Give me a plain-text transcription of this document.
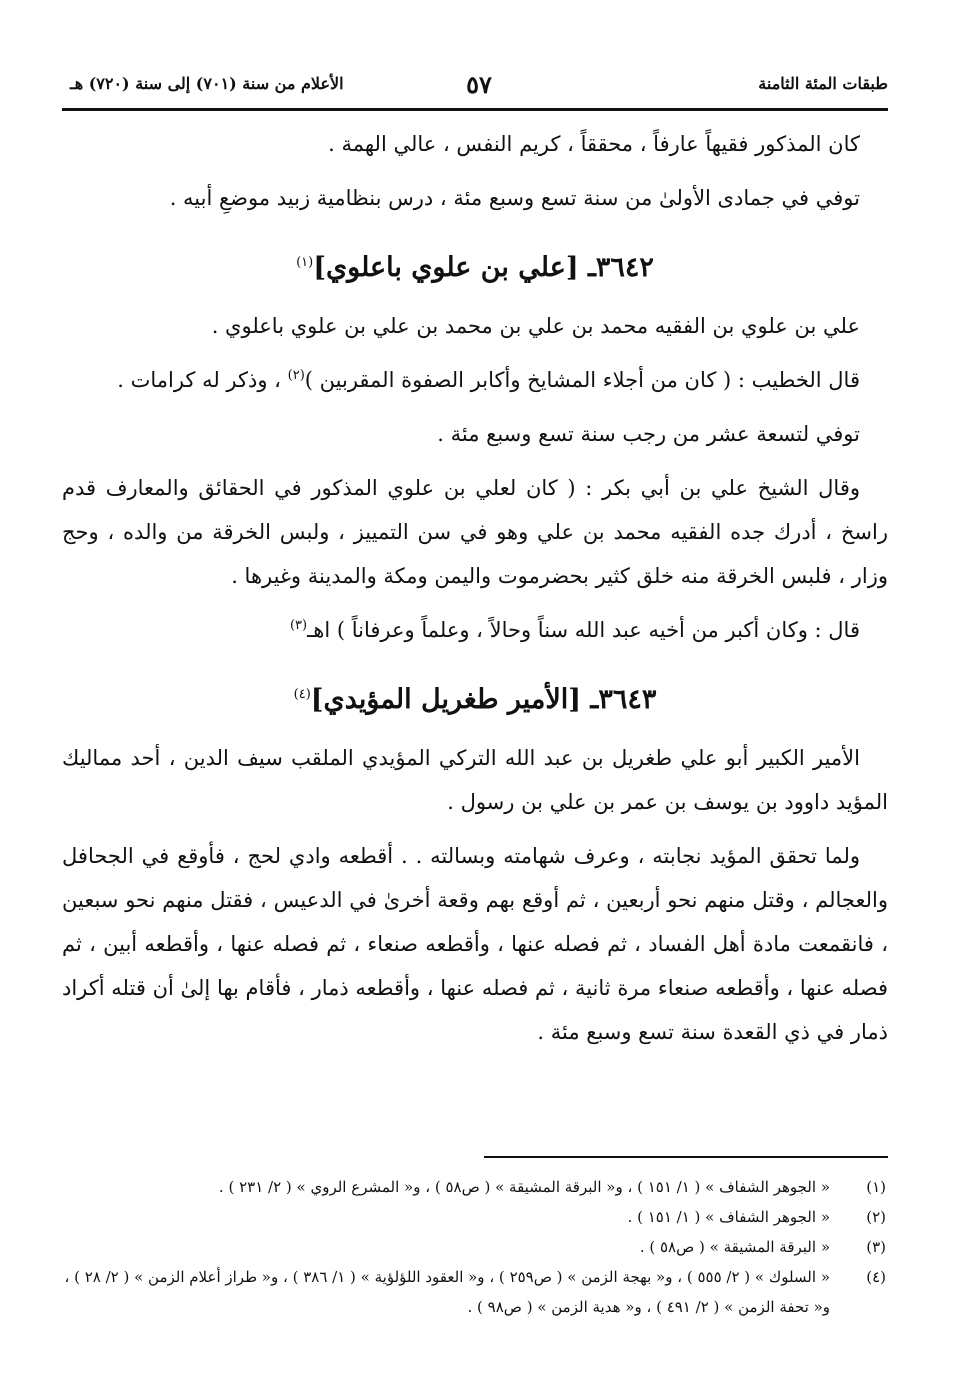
طبقات المئة الثامنة
٥٧
الأعلام من سنة (٧٠١) إلى سنة (٧٢٠) هـ

كان المذكور فقيهاً عارفاً ، محققاً ، كريم النفس ، عالي الهمة .

توفي في جمادى الأولىٰ من سنة تسع وسبع مئة ، درس بنظامية زبيد موضعِ أبيه .

٣٦٤٢ـ [علي بن علوي باعلوي]$^{(١)}$

علي بن علوي بن الفقيه محمد بن علي بن محمد بن علي بن علوي باعلوي .

قال الخطيب : ( كان من أجلاء المشايخ وأكابر الصفوة المقربين )$^{(٢)}$ ، وذكر له كرامات .

توفي لتسعة عشر من رجب سنة تسع وسبع مئة .

وقال الشيخ علي بن أبي بكر : ( كان لعلي بن علوي المذكور في الحقائق والمعارف قدم راسخ ، أدرك جده الفقيه محمد بن علي وهو في سن التمييز ، ولبس الخرقة من والده ، وحج وزار ، فلبس الخرقة منه خلق كثير بحضرموت واليمن ومكة والمدينة وغيرها .

قال : وكان أكبر من أخيه عبد الله سناً وحالاً ، وعلماً وعرفاناً ) اهـ$^{(٣)}$

٣٦٤٣ـ [الأمير طغريل المؤيدي]$^{(٤)}$

الأمير الكبير أبو علي طغريل بن عبد الله التركي المؤيدي الملقب سيف الدين ، أحد مماليك المؤيد داوود بن يوسف بن عمر بن علي بن رسول .

ولما تحقق المؤيد نجابته ، وعرف شهامته وبسالته . . أقطعه وادي لحج ، فأوقع في الجحافل والعجالم ، وقتل منهم نحو أربعين ، ثم أوقع بهم وقعة أخرىٰ في الدعيس ، فقتل منهم نحو سبعين ، فانقمعت مادة أهل الفساد ، ثم فصله عنها ، وأقطعه صنعاء ، ثم فصله عنها ، وأقطعه أبين ، ثم فصله عنها ، وأقطعه صنعاء مرة ثانية ، ثم فصله عنها ، وأقطعه ذمار ، فأقام بها إلىٰ أن قتله أكراد ذمار في ذي القعدة سنة تسع وسبع مئة .

(١)
« الجوهر الشفاف » ( ١/ ١٥١ ) ، و« البرقة المشيقة » ( ص٥٨ ) ، و« المشرع الروي » ( ٢/ ٢٣١ ) .
(٢)
« الجوهر الشفاف » ( ١/ ١٥١ ) .
(٣)
« البرقة المشيقة » ( ص٥٨ ) .
(٤)
« السلوك » ( ٢/ ٥٥٥ ) ، و« بهجة الزمن » ( ص٢٥٩ ) ، و« العقود اللؤلؤية » ( ١/ ٣٨٦ ) ، و« طراز أعلام الزمن » ( ٢/ ٢٨ ) ، و« تحفة الزمن » ( ٢/ ٤٩١ ) ، و« هدية الزمن » ( ص٩٨ ) .
